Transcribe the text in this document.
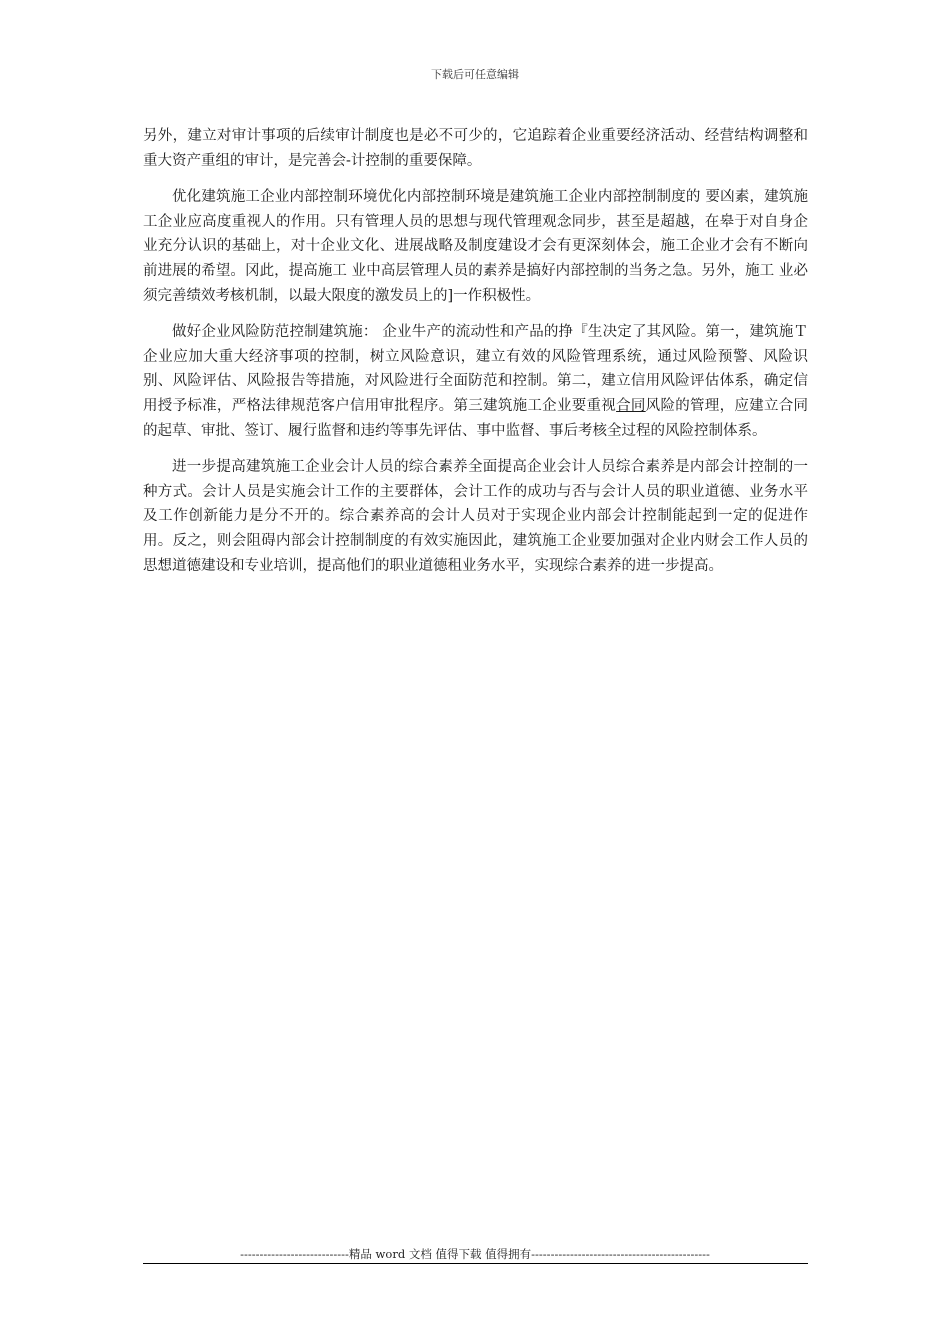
下载后可任意编辑

另外，建立对审计事项的后续审计制度也是必不可少的，它追踪着企业重要经济活动、经营结构调整和重大资产重组的审计，是完善会-计控制的重要保障。

优化建筑施工企业内部控制环境优化内部控制环境是建筑施工企业内部控制制度的 要凶素，建筑施工企业应高度重视人的作用。只有管理人员的思想与现代管理观念同步，甚至是超越，在皋于对自身企业充分认识的基础上，对十企业文化、进展战略及制度建设才会有更深刻体会，施工企业才会有不断向前进展的希望。冈此，提高施工 业中高层管理人员的素养是搞好内部控制的当务之急。另外，施工 业必须完善绩效考核机制，以最大限度的激发员上的]一作积极性。

做好企业风险防范控制建筑施： 企业牛产的流动性和产品的挣『生决定了其风险。第一，建筑施Ｔ企业应加大重大经济事项的控制，树立风险意识，建立有效的风险管理系统，通过风险预警、风险识别、风险评估、风险报告等措施，对风险进行全面防范和控制。第二，建立信用风险评估体系，确定信用授予标准，严格法律规范客户信用审批程序。第三建筑施工企业要重视合同风险的管理，应建立合同的起草、审批、签订、履行监督和违约等事先评估、事中监督、事后考核全过程的风险控制体系。

进一步提高建筑施工企业会计人员的综合素养全面提高企业会计人员综合素养是内部会计控制的一种方式。会计人员是实施会计工作的主要群体，会计工作的成功与否与会计人员的职业道德、业务水平及工作创新能力是分不开的。综合素养高的会计人员对于实现企业内部会计控制能起到一定的促进作用。反之，则会阻碍内部会计控制制度的有效实施因此，建筑施工企业要加强对企业内财会工作人员的思想道德建设和专业培训，提高他们的职业道德租业务水平，实现综合素养的进一步提高。

----------------------------精品 word 文档 值得下载 值得拥有----------------------------------------------
